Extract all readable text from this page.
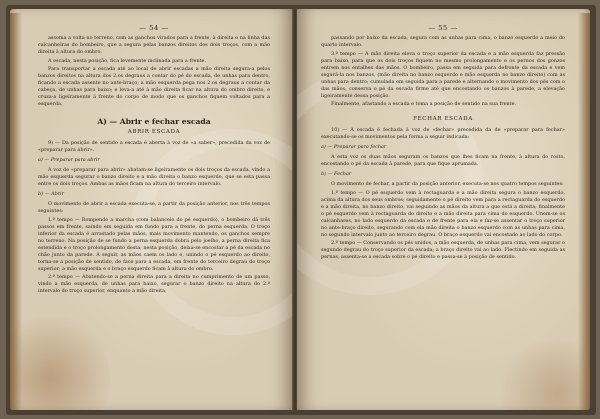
— 54 —

assoma a volta no terreno, com as ganchos virados para a frente, à direita e na linha das calcanheiras do bombeiro, que a segura pelas banzos direitos dos dois troços, com a mão direita à altura do ombro.

A escada, nesta posição, fica levemente inclinada para a frente.

Para transportar a escada até ao local de abrir escadas a mão direita segura-a pelos banzos direitos na altura dos 2.os degraus a contar do pé do escada, de unhas para dentro, ficando a escada assente no ante-braço; a mão esquerda pega nos 2.os degraus a contar da cabeça, de unhas para baixo; e leva-a até à mão direita ficar na altura do ombro direito, e cruza-a ligeiramente à frente do corpo de modo que os ganchos fiquem voltados para a esquerda.

A) — Abrir e fechar escada
ABRIR ESCADA

9) — Da posição de sentido a escada é aberta à voz de «a saber», precedida da voz de «preparar para abrir».

a) — Preparar para abrir

À voz de «preparar para abrir» abatam-se ligeiramente os dois troços da escada, vindo a mão esquerda segurar o banzo direito e a mão direita o banzo esquerdo, que se esta passa entre os dois troços. Ambas as mãos ficam na altura do terceiro intervalo.

b) — Abrir

O movimento de abrir a escada executa-se, a partir da posição anterior, nos três tempos seguintes:

1.º tempo — Rompendo a marcha (com balanceio do pé esquerdo), o bombeiro dá três passos em frente, saindo em seguida em fundo para a frente, do perna esquerda. O troço inferior da escada é arrastado pelas mãos, mais movimento mantendo, os ganchos sempre no terreno. Na posição de se fundo a perna esquerda dobra pelo joelho, a perna direita fica estendida e o troço prolongamento desta; nesta posição, deixa-se encostar a pé da escada no chão junto da parede. A seguir, as mãos caem os lado e, unindo o pé esquerdo ao direito, torna-se a posição de sentido, de face para a escada, em frente do terceiro degrau do troço superior; a mão esquerda e o braço esquerdo ficam à altura do ombro.

2.º tempo — Abatendo-se a perna direita para a direita no cumprimento de um passo, vindo a mão esquerda, de unhas para baixo, segurar o banzo direito na altura do 2.º intervalo do troço superior, enquanto a mão direita,

— 55 —

passando por baixo da escada, segura com as unhas para cima, o banzo esquerdo a meio do quarto intervalo.

3.º tempo — A mão direita eleva o troço superior da escada e a mão esquerda faz pressão para baixo, para que os dois troços fiquem no mesmo prolongamento e os pernos dos gonzos entrem nos entalhes das mãos. O bombeiro, passa em seguida para defronte da escada e vem segurá-la nos banzos, (mão direita no banzo esquerdo e mão esquerda no banzo direito) com as unhas para dentro; cumulada em seguida para a parede e alternando o movimento dos pés com o das mãos, conserva o pé da escada firme até que encostando os banzos à parede, a elevação ligeiramente dessa posição.

Finalmente, afastando a escada e toma a posição de sentido na sua frente.

FECHAR ESCADA

10) — A escada é fechada à voz de «fechar» precedida da de «preparar para fechar» executando-se os movimentos pela forma a seguir indicada:

a) — Preparar para fechar

A esta voz os duas mãos seguram os banzos que lhes ficam na frente, à altura do rosto, encostando o pé da escada à parede, para que fique aprumada.

b) — Fechar

O movimento de fechar, a partir da posição anterior, executa-se nos quatro tempos seguintes:

1.º tempo — O pé esquerdo vem à rectaguarda e a mão direita segura o banzo esquerdo, acima da altura dos seus ombros; seguidamente o pé direito vem para a rectaguarda do esquerdo e a mão direita, no banzo direito, vai seguindo as mãos da altura a que está a direita; finalmente o pé esquerdo vem à rectaguarda do direito e a mão direita para cima do esquerdo. Unem-se os calcanhares, no lado esquerdo da escada e de frente para ela e faz-se assentar o troço superior no ante-braço direito, segurando com ela mão direita o banzo esquerdo com as unhas para cima, no segundo intervalo junto ao terceiro degrau. O braço esquerdo vai encostado ao lado do corpo.

2.º tempo — Conservando os pés unidos, a mão esquerda, de unhas para cima, vem segurar o segundo degrau do troço superior da escada; a braço direito vai ao lado. Flectindo em seguida as pernas, assenta-se a escada sobre o pé direito e passa-se à posição de sentido.
